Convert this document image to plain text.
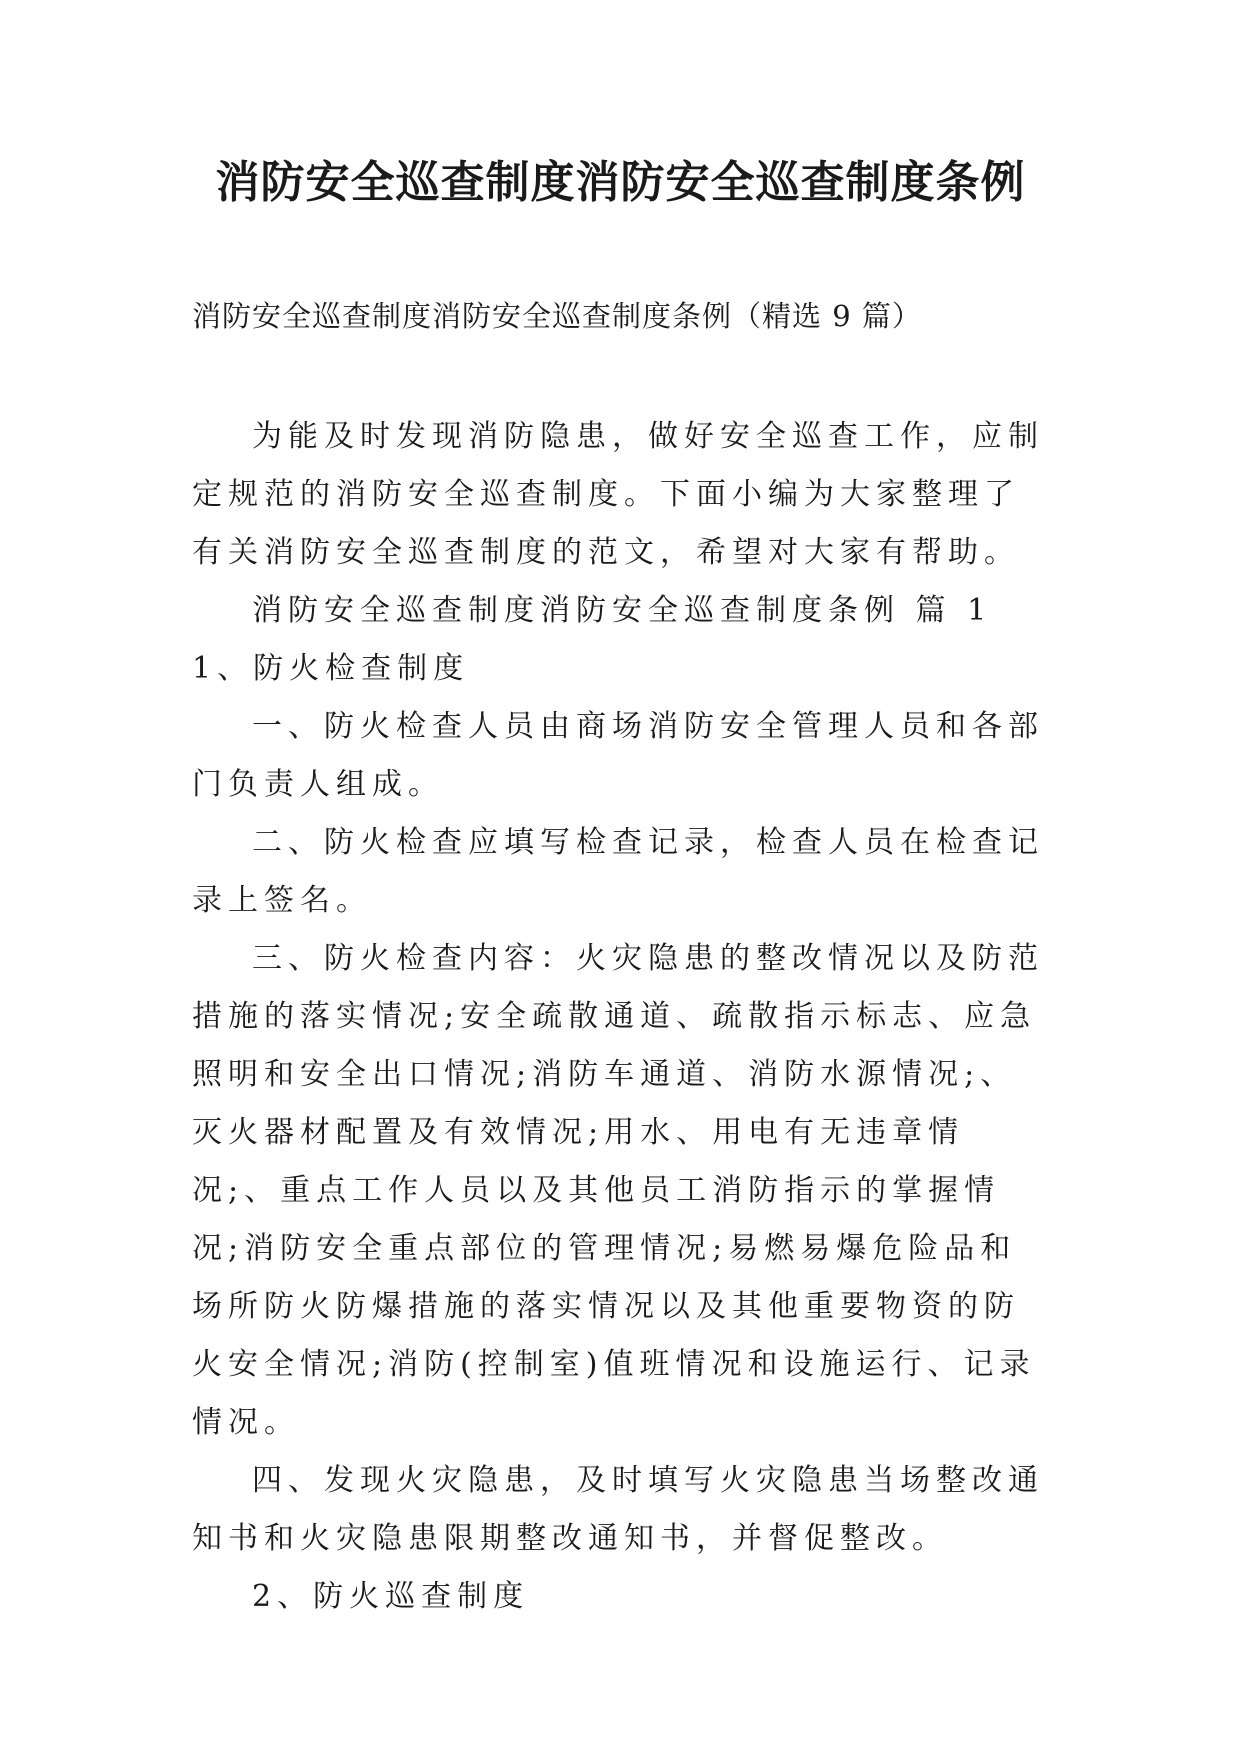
消防安全巡查制度消防安全巡查制度条例
消防安全巡查制度消防安全巡查制度条例（精选 9 篇）

为能及时发现消防隐患，做好安全巡查工作，应制定规范的消防安全巡查制度。下面小编为大家整理了有关消防安全巡查制度的范文，希望对大家有帮助。

消防安全巡查制度消防安全巡查制度条例 篇 11、防火检查制度

一、防火检查人员由商场消防安全管理人员和各部门负责人组成。

二、防火检查应填写检查记录，检查人员在检查记录上签名。

三、防火检查内容：火灾隐患的整改情况以及防范措施的落实情况;安全疏散通道、疏散指示标志、应急照明和安全出口情况;消防车通道、消防水源情况;、灭火器材配置及有效情况;用水、用电有无违章情况;、重点工作人员以及其他员工消防指示的掌握情况;消防安全重点部位的管理情况;易燃易爆危险品和场所防火防爆措施的落实情况以及其他重要物资的防火安全情况;消防(控制室)值班情况和设施运行、记录情况。

四、发现火灾隐患，及时填写火灾隐患当场整改通知书和火灾隐患限期整改通知书，并督促整改。

2、防火巡查制度
